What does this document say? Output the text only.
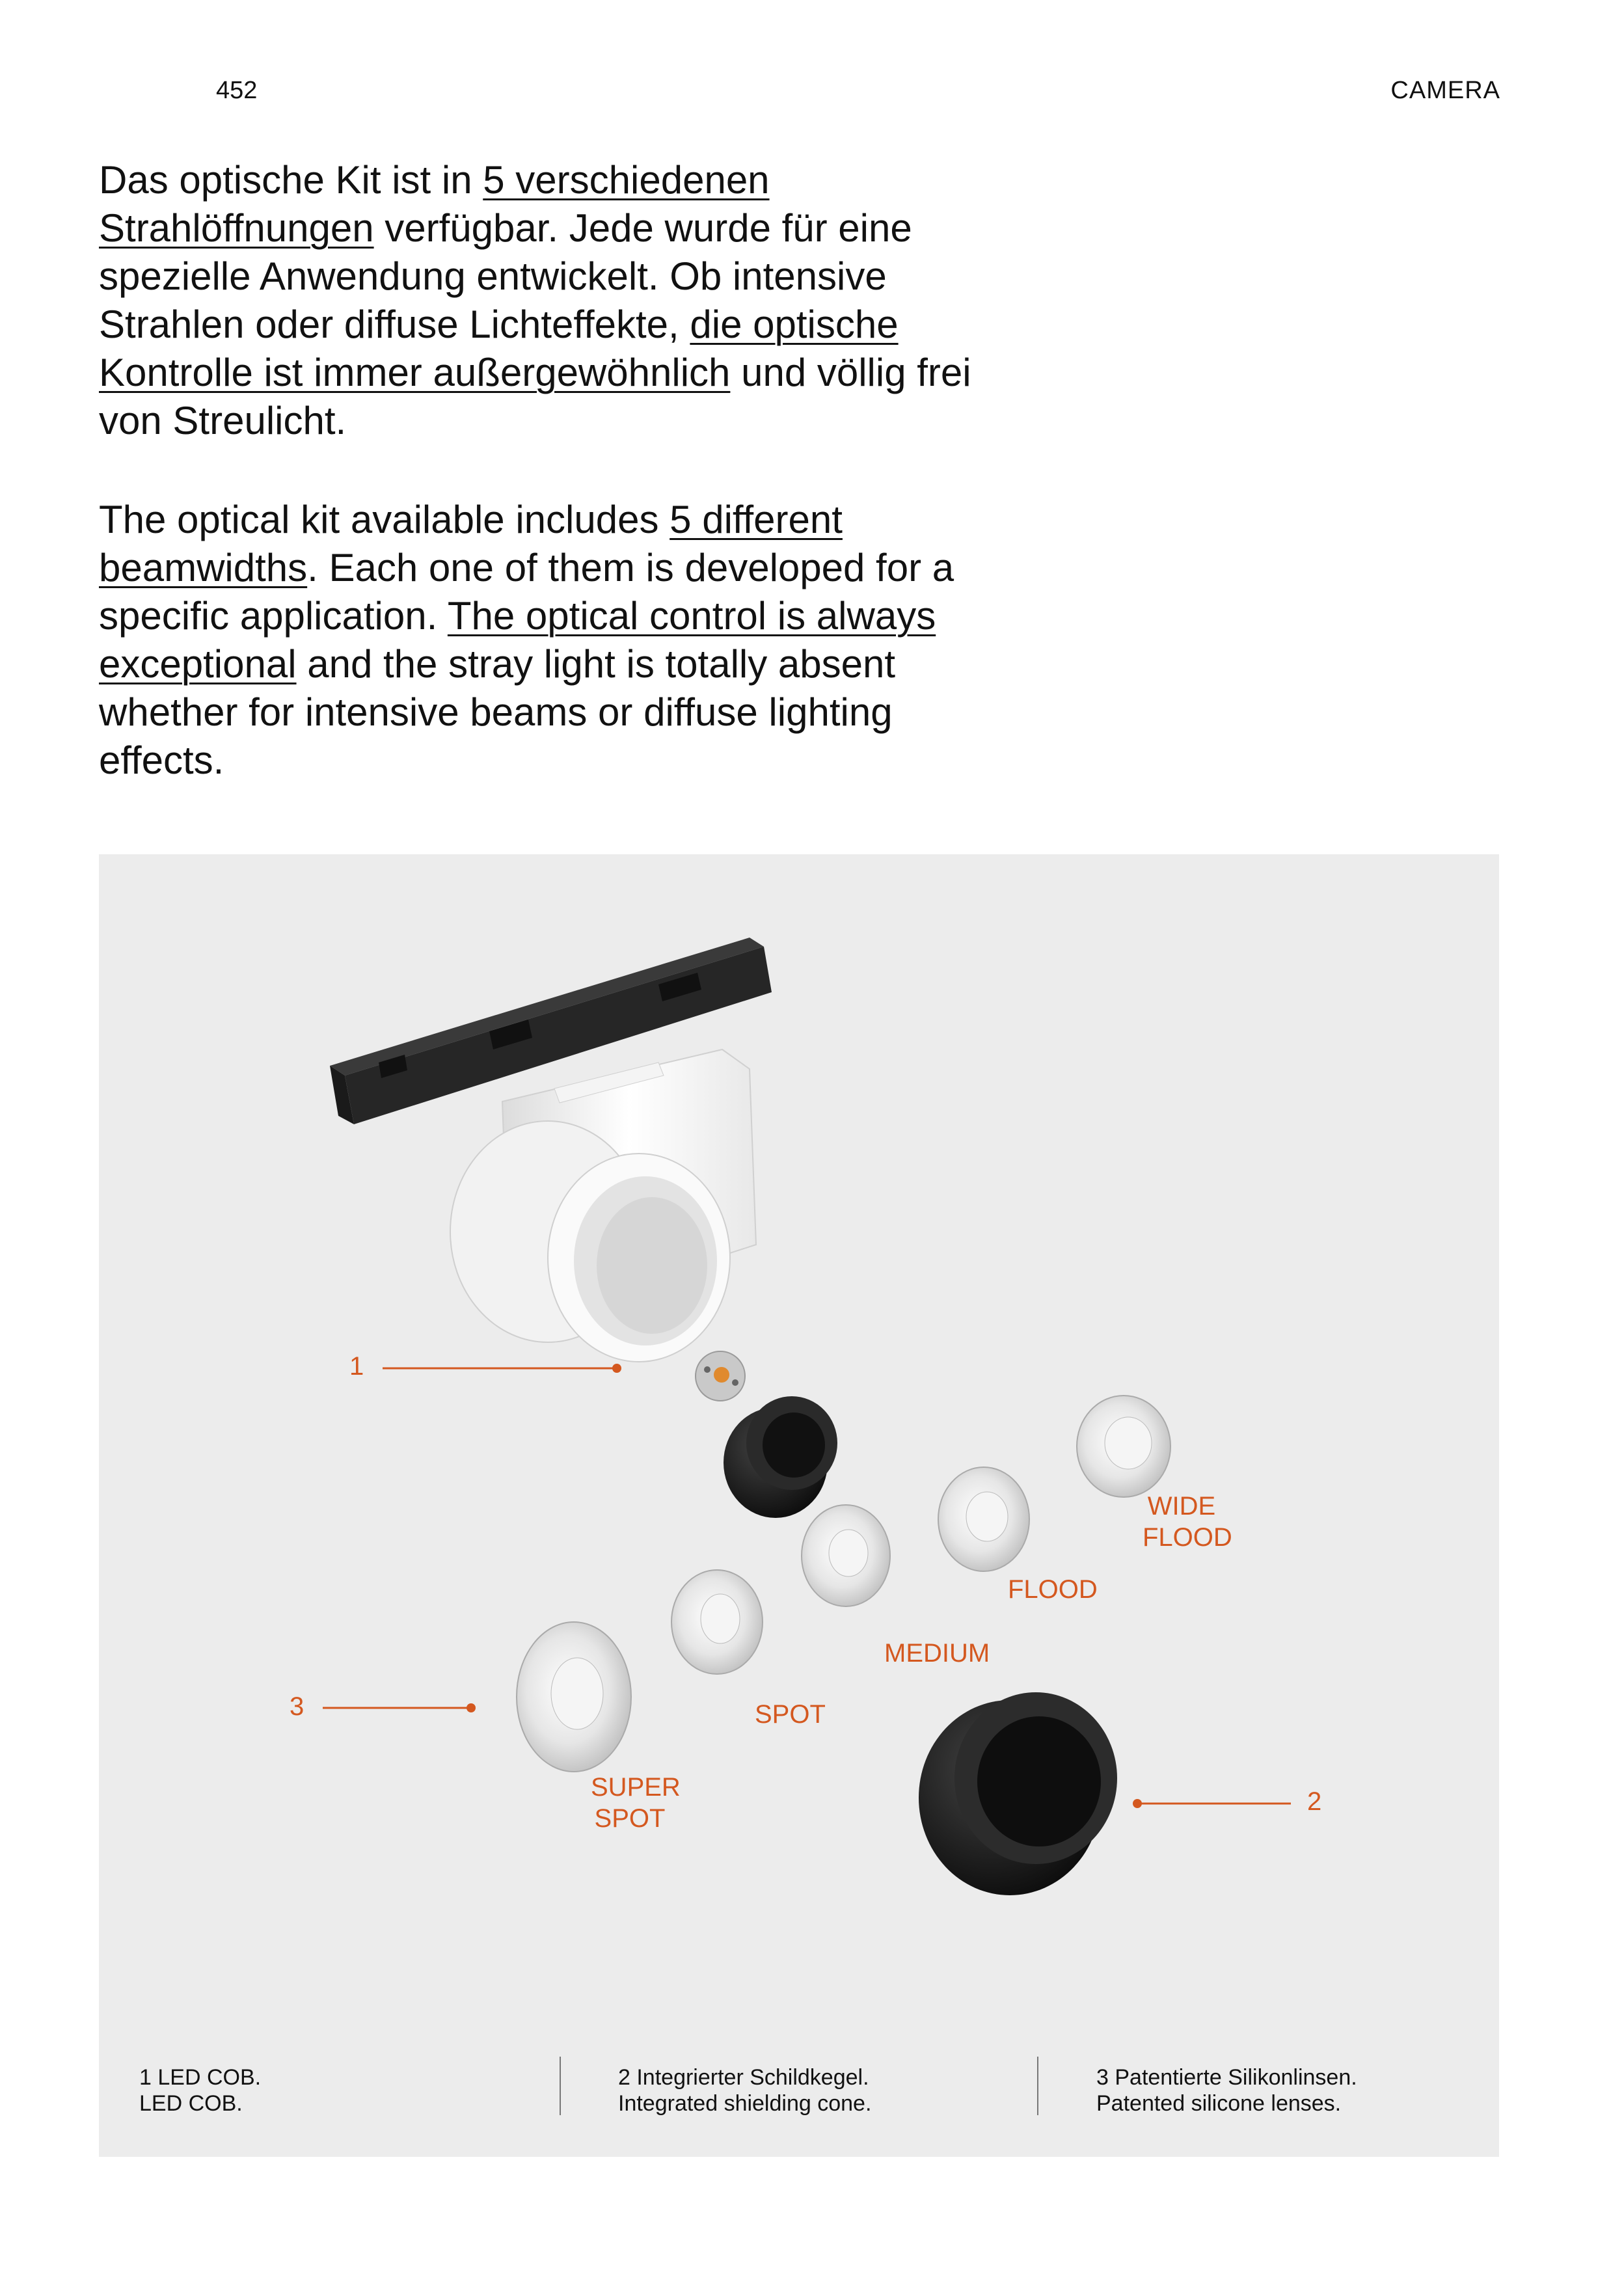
452	CAMERA

Das optische Kit ist in 5 verschiedenen Strahlöffnungen verfügbar. Jede wurde für eine spezielle Anwendung entwickelt. Ob intensive Strahlen oder diffuse Lichteffekte, die optische Kontrolle ist immer außergewöhnlich und völlig frei von Streulicht.

The optical kit available includes 5 different beamwidths. Each one of them is developed for a specific application. The optical control is always exceptional and the stray light is totally absent whether for intensive beams or diffuse lighting effects.

1
3
2
WIDE
FLOOD
FLOOD
MEDIUM
SPOT
SUPER
SPOT
1 LED COB.
LED COB.
2 Integrierter Schildkegel.
Integrated shielding cone.
3 Patentierte Silikonlinsen.
Patented silicone lenses.
